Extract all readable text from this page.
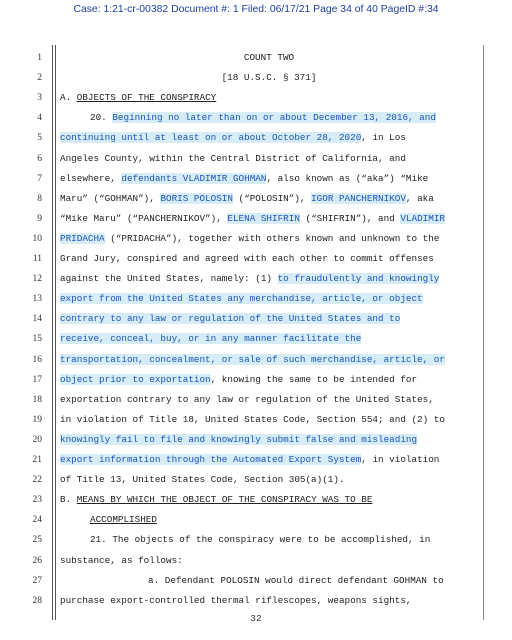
Case: 1:21-cr-00382 Document #: 1 Filed: 06/17/21 Page 34 of 40 PageID #:34
1
2
3
4
5
6
7
8
9
10
11
12
13
14
15
16
17
18
19
20
21
22
23
24
25
26
27
28
COUNT TWO
[18 U.S.C. § 371]
A. OBJECTS OF THE CONSPIRACY
20. Beginning no later than on or about December 13, 2016, and
continuing until at least on or about October 28, 2020, in Los
Angeles County, within the Central District of California, and
elsewhere, defendants VLADIMIR GOHMAN, also known as (“aka”) “Mike
Maru” (“GOHMAN”), BORIS POLOSIN (“POLOSIN”), IGOR PANCHERNIKOV, aka
“Mike Maru” (“PANCHERNIKOV”), ELENA SHIFRIN (“SHIFRIN”), and VLADIMIR
PRIDACHA (“PRIDACHA”), together with others known and unknown to the
Grand Jury, conspired and agreed with each other to commit offenses
against the United States, namely: (1) to fraudulently and knowingly
export from the United States any merchandise, article, or object
contrary to any law or regulation of the United States and to
receive, conceal, buy, or in any manner facilitate the
transportation, concealment, or sale of such merchandise, article, or
object prior to exportation, knowing the same to be intended for
exportation contrary to any law or regulation of the United States,
in violation of Title 18, United States Code, Section 554; and (2) to
knowingly fail to file and knowingly submit false and misleading
export information through the Automated Export System, in violation
of Title 13, United States Code, Section 305(a)(1).
B. MEANS BY WHICH THE OBJECT OF THE CONSPIRACY WAS TO BE
ACCOMPLISHED
21. The objects of the conspiracy were to be accomplished, in
substance, as follows:
a. Defendant POLOSIN would direct defendant GOHMAN to
purchase export-controlled thermal riflescopes, weapons sights,
32
